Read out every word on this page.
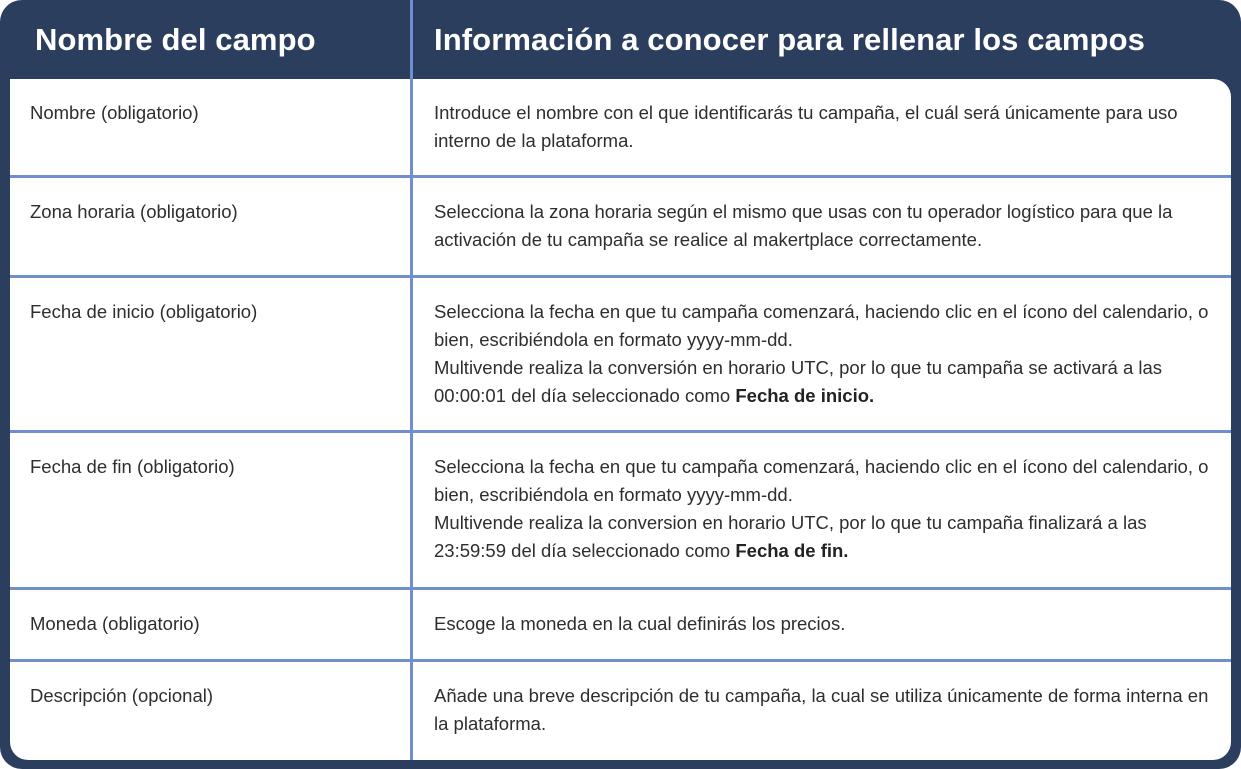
Nombre del campo	Información a conocer para rellenar los campos
Nombre (obligatorio)	Introduce el nombre con el que identificarás tu campaña, el cuál será únicamente para uso interno de la plataforma.

Zona horaria (obligatorio)	Selecciona la zona horaria según el mismo que usas con tu operador logístico para que la activación de tu campaña se realice al makertplace correctamente.

Fecha de inicio (obligatorio)	Selecciona la fecha en que tu campaña comenzará, haciendo clic en el ícono del calendario, o bien, escribiéndola en formato yyyy-mm-dd.

Multivende realiza la conversión en horario UTC, por lo que tu campaña se activará a las 00:00:01 del día seleccionado como Fecha de inicio.

Fecha de fin (obligatorio)	Selecciona la fecha en que tu campaña comenzará, haciendo clic en el ícono del calendario, o bien, escribiéndola en formato yyyy-mm-dd.

Multivende realiza la conversion en horario UTC, por lo que tu campaña finalizará a las 23:59:59 del día seleccionado como Fecha de fin.

Moneda (obligatorio)	Escoge la moneda en la cual definirás los precios.

Descripción (opcional)	Añade una breve descripción de tu campaña, la cual se utiliza únicamente de forma interna en la plataforma.
